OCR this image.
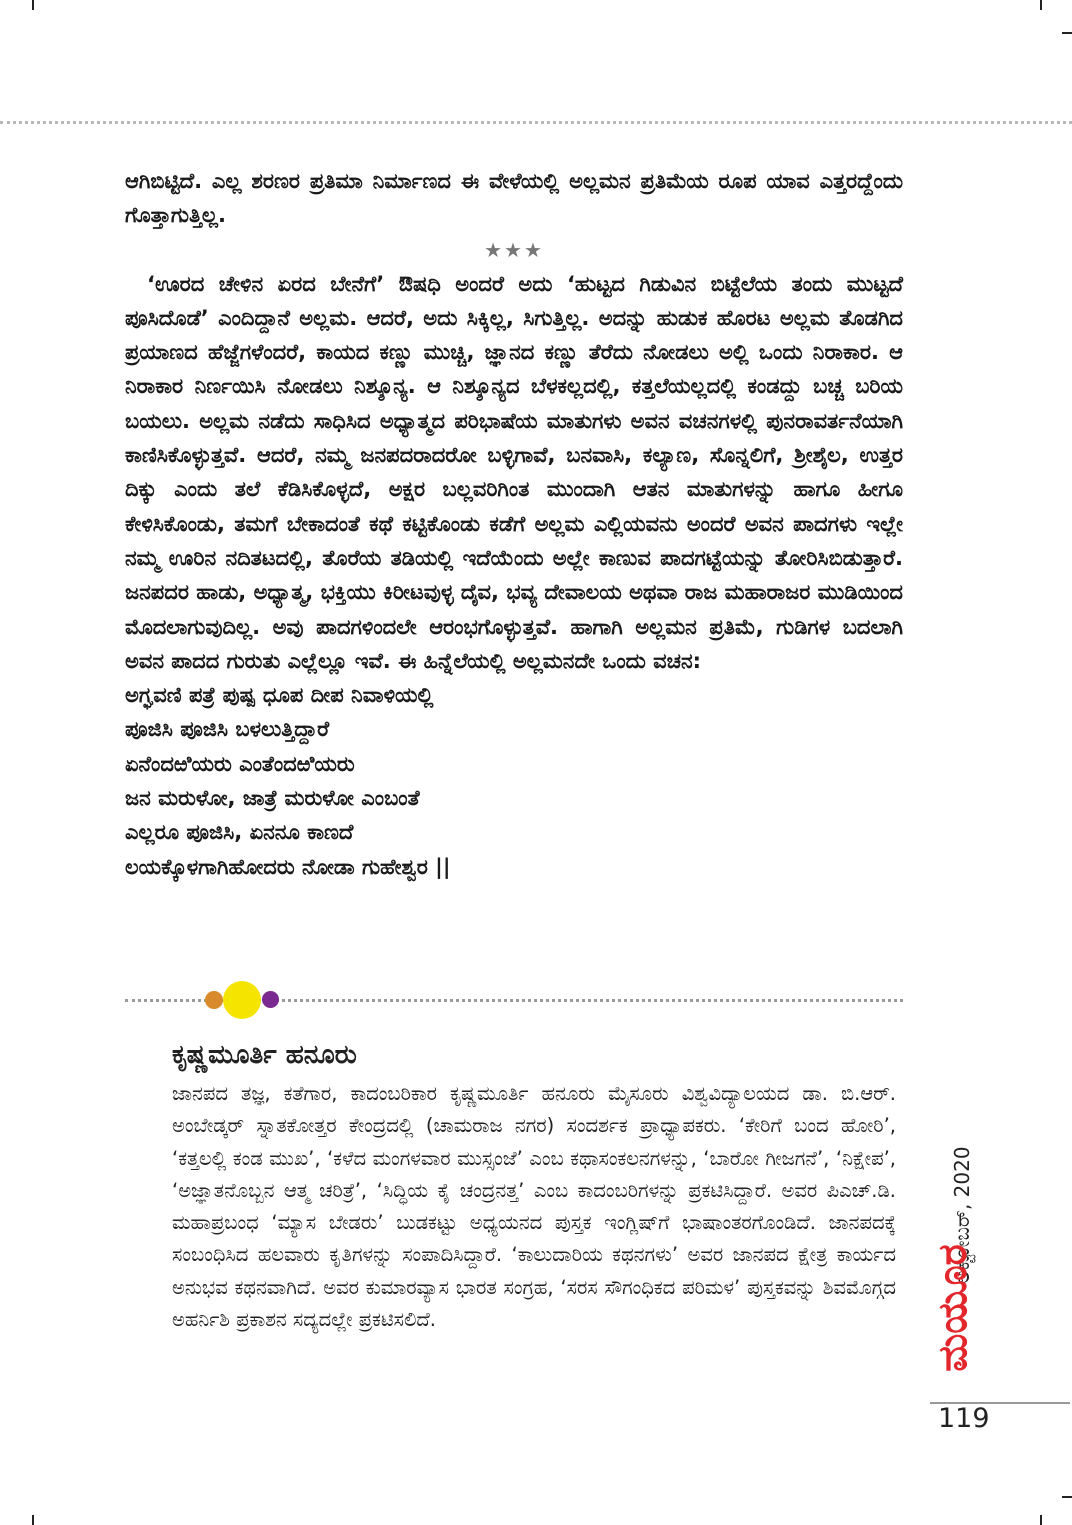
ಆಗಿಬಿಟ್ಟಿದೆ. ಎಲ್ಲ ಶರಣರ ಪ್ರತಿಮಾ ನಿರ್ಮಾಣದ ಈ ವೇಳೆಯಲ್ಲಿ ಅಲ್ಲಮನ ಪ್ರತಿಮೆಯ ರೂಪ ಯಾವ ಎತ್ತರದ್ದೆಂದು ಗೊತ್ತಾಗುತ್ತಿಲ್ಲ.

★★★

‘ಊರದ ಚೇಳಿನ ಏರದ ಬೇನೆಗೆ’ ಔಷಧಿ ಅಂದರೆ ಅದು ‘ಹುಟ್ಟದ ಗಿಡುವಿನ ಬಿಟ್ಟೆಲೆಯ ತಂದು ಮುಟ್ಟದೆ ಪೂಸಿದೊಡೆ’ ಎಂದಿದ್ದಾನೆ ಅಲ್ಲಮ. ಆದರೆ, ಅದು ಸಿಕ್ಕಿಲ್ಲ, ಸಿಗುತ್ತಿಲ್ಲ. ಅದನ್ನು ಹುಡುಕ ಹೊರಟ ಅಲ್ಲಮ ತೊಡಗಿದ ಪ್ರಯಾಣದ ಹೆಜ್ಜೆಗಳೆಂದರೆ, ಕಾಯದ ಕಣ್ಣು ಮುಚ್ಚಿ, ಜ್ಞಾನದ ಕಣ್ಣು ತೆರೆದು ನೋಡಲು ಅಲ್ಲಿ ಒಂದು ನಿರಾಕಾರ. ಆ ನಿರಾಕಾರ ನಿರ್ಣಯಿಸಿ ನೋಡಲು ನಿಶ್ಶೂನ್ಯ. ಆ ನಿಶ್ಶೂನ್ಯದ ಬೆಳಕಲ್ಲದಲ್ಲಿ, ಕತ್ತಲೆಯಲ್ಲದಲ್ಲಿ ಕಂಡದ್ದು ಬಚ್ಚ ಬರಿಯ ಬಯಲು. ಅಲ್ಲಮ ನಡೆದು ಸಾಧಿಸಿದ ಅಧ್ಯಾತ್ಮದ ಪರಿಭಾಷೆಯ ಮಾತುಗಳು ಅವನ ವಚನಗಳಲ್ಲಿ ಪುನರಾವರ್ತನೆಯಾಗಿ ಕಾಣಿಸಿಕೊಳ್ಳುತ್ತವೆ. ಆದರೆ, ನಮ್ಮ ಜನಪದರಾದರೋ ಬಳ್ಳಿಗಾವೆ, ಬನವಾಸಿ, ಕಲ್ಯಾಣ, ಸೊನ್ನಲಿಗೆ, ಶ್ರೀಶೈಲ, ಉತ್ತರ ದಿಕ್ಕು ಎಂದು ತಲೆ ಕೆಡಿಸಿಕೊಳ್ಳದೆ, ಅಕ್ಷರ ಬಲ್ಲವರಿಗಿಂತ ಮುಂದಾಗಿ ಆತನ ಮಾತುಗಳನ್ನು ಹಾಗೂ ಹೀಗೂ ಕೇಳಿಸಿಕೊಂಡು, ತಮಗೆ ಬೇಕಾದಂತೆ ಕಥೆ ಕಟ್ಟಿಕೊಂಡು ಕಡೆಗೆ ಅಲ್ಲಮ ಎಲ್ಲಿಯವನು ಅಂದರೆ ಅವನ ಪಾದಗಳು ಇಲ್ಲೇ ನಮ್ಮ ಊರಿನ ನದಿತಟದಲ್ಲಿ, ತೊರೆಯ ತಡಿಯಲ್ಲಿ ಇದೆಯೆಂದು ಅಲ್ಲೇ ಕಾಣುವ ಪಾದಗಟ್ಟೆಯನ್ನು ತೋರಿಸಿಬಿಡುತ್ತಾರೆ. ಜನಪದರ ಹಾಡು, ಅಧ್ಯಾತ್ಮ, ಭಕ್ತಿಯು ಕಿರೀಟವುಳ್ಳ ದೈವ, ಭವ್ಯ ದೇವಾಲಯ ಅಥವಾ ರಾಜ ಮಹಾರಾಜರ ಮುಡಿಯಿಂದ ಮೊದಲಾಗುವುದಿಲ್ಲ. ಅವು ಪಾದಗಳಿಂದಲೇ ಆರಂಭಗೊಳ್ಳುತ್ತವೆ. ಹಾಗಾಗಿ ಅಲ್ಲಮನ ಪ್ರತಿಮೆ, ಗುಡಿಗಳ ಬದಲಾಗಿ ಅವನ ಪಾದದ ಗುರುತು ಎಲ್ಲೆಲ್ಲೂ ಇವೆ. ಈ ಹಿನ್ನೆಲೆಯಲ್ಲಿ ಅಲ್ಲಮನದೇ ಒಂದು ವಚನ:

ಅಗ್ಘವಣಿ ಪತ್ರೆ ಪುಷ್ಪ ಧೂಪ ದೀಪ ನಿವಾಳಿಯಲ್ಲಿ

ಪೂಜಿಸಿ ಪೂಜಿಸಿ ಬಳಲುತ್ತಿದ್ದಾರೆ

ಏನೆಂದಱಿಯರು ಎಂತೆಂದಱಿಯರು

ಜನ ಮರುಳೋ, ಜಾತ್ರೆ ಮರುಳೋ ಎಂಬಂತೆ

ಎಲ್ಲರೂ ಪೂಜಿಸಿ, ಏನನೂ ಕಾಣದೆ

ಲಯಕ್ಕೊಳಗಾಗಿಹೋದರು ನೋಡಾ ಗುಹೇಶ್ವರ ||

ಕೃಷ್ಣಮೂರ್ತಿ ಹನೂರು
ಜಾನಪದ ತಜ್ಞ, ಕತೆಗಾರ, ಕಾದಂಬರಿಕಾರ ಕೃಷ್ಣಮೂರ್ತಿ ಹನೂರು ಮೈಸೂರು ವಿಶ್ವವಿದ್ಯಾಲಯದ ಡಾ. ಬಿ.ಆರ್. ಅಂಬೇಡ್ಕರ್ ಸ್ನಾತಕೋತ್ತರ ಕೇಂದ್ರದಲ್ಲಿ (ಚಾಮರಾಜ ನಗರ) ಸಂದರ್ಶಕ ಪ್ರಾಧ್ಯಾಪಕರು. ‘ಕೇರಿಗೆ ಬಂದ ಹೋರಿ’, ‘ಕತ್ತಲಲ್ಲಿ ಕಂಡ ಮುಖ’, ‘ಕಳೆದ ಮಂಗಳವಾರ ಮುಸ್ಸಂಜೆ’ ಎಂಬ ಕಥಾಸಂಕಲನಗಳನ್ನು, ‘ಬಾರೋ ಗೀಜಗನೆ’, ‘ನಿಕ್ಷೇಪ’, ‘ಅಜ್ಞಾತನೊಬ್ಬನ ಆತ್ಮ ಚರಿತ್ರೆ’, ‘ಸಿದ್ಧಿಯ ಕೈ ಚಂದ್ರನತ್ತ’ ಎಂಬ ಕಾದಂಬರಿಗಳನ್ನು ಪ್ರಕಟಿಸಿದ್ದಾರೆ. ಅವರ ಪಿಎಚ್.ಡಿ. ಮಹಾಪ್ರಬಂಧ ‘ಮ್ಯಾಸ ಬೇಡರು’ ಬುಡಕಟ್ಟು ಅಧ್ಯಯನದ ಪುಸ್ತಕ ಇಂಗ್ಲಿಷ್‌ಗೆ ಭಾಷಾಂತರಗೊಂಡಿದೆ. ಜಾನಪದಕ್ಕೆ ಸಂಬಂಧಿಸಿದ ಹಲವಾರು ಕೃತಿಗಳನ್ನು ಸಂಪಾದಿಸಿದ್ದಾರೆ. ‘ಕಾಲುದಾರಿಯ ಕಥನಗಳು’ ಅವರ ಜಾನಪದ ಕ್ಷೇತ್ರ ಕಾರ್ಯದ ಅನುಭವ ಕಥನವಾಗಿದೆ. ಅವರ ಕುಮಾರವ್ಯಾಸ ಭಾರತ ಸಂಗ್ರಹ, ‘ಸರಸ ಸೌಗಂಧಿಕದ ಪರಿಮಳ’ ಪುಸ್ತಕವನ್ನು ಶಿವಮೊಗ್ಗದ ಅಹರ್ನಿಶಿ ಪ್ರಕಾಶನ ಸದ್ಯದಲ್ಲೇ ಪ್ರಕಟಿಸಲಿದೆ.
ಅಕ್ಟೋಬರ್, 2020
ಮಯೂರ
119
